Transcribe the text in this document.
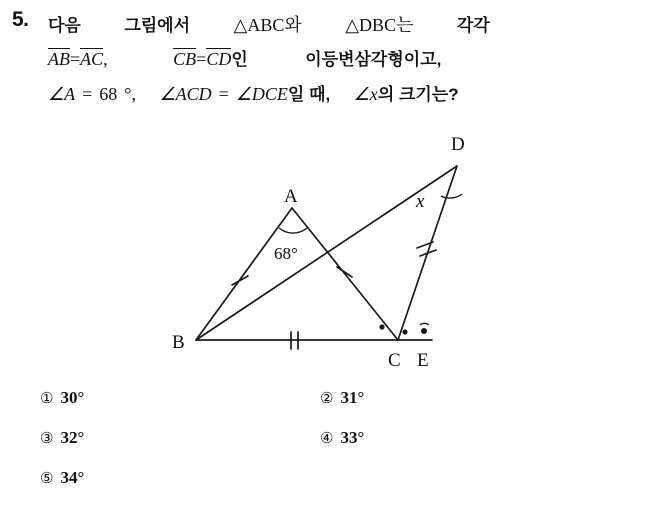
5. 다음	그림에서 △ABC와 △DBC는	각각
AB=AC,	CB=CD인	이등변삼각형이고,
∠A = 68 °, ∠ACD = ∠DCE일 때, ∠x의 크기는?
A
B
C
D
E
x
68°
① 30°	② 31°
③ 32°	④ 33°
⑤ 34°
